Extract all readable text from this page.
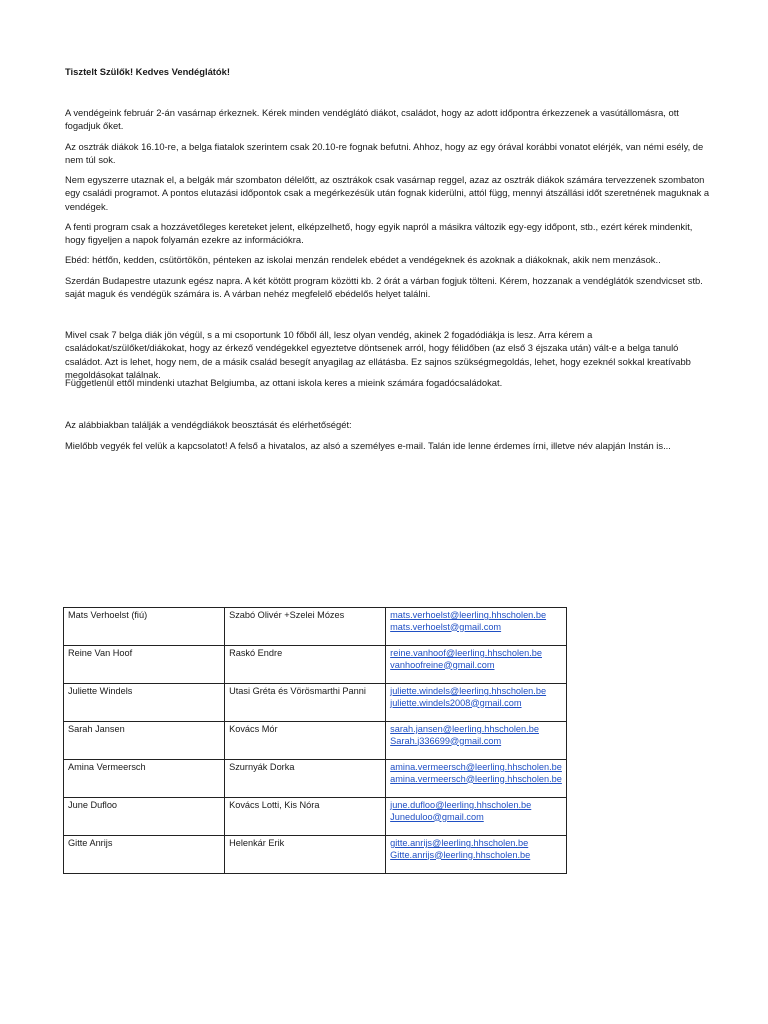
Tisztelt Szülők! Kedves Vendéglátók!

A vendégeink február 2-án vasárnap érkeznek. Kérek minden vendéglátó diákot, családot, hogy az adott időpontra érkezzenek a vasútállomásra, ott fogadjuk őket.

Az osztrák diákok 16.10-re, a belga fiatalok szerintem csak 20.10-re fognak befutni. Ahhoz, hogy az egy órával korábbi vonatot elérjék, van némi esély, de nem túl sok.

Nem egyszerre utaznak el, a belgák már szombaton délelőtt, az osztrákok csak vasárnap reggel, azaz az osztrák diákok számára tervezzenek szombaton egy családi programot. A pontos elutazási időpontok csak a megérkezésük után fognak kiderülni, attól függ, mennyi átszállási időt szeretnének maguknak a vendégek.

A fenti program csak a hozzávetőleges kereteket jelent, elképzelhető, hogy egyik napról a másikra változik egy-egy időpont, stb., ezért kérek mindenkit, hogy figyeljen a napok folyamán ezekre az információkra.

Ebéd: hétfőn, kedden, csütörtökön, pénteken az iskolai menzán rendelek ebédet a vendégeknek és azoknak a diákoknak, akik nem menzások..

Szerdán Budapestre utazunk egész napra. A két kötött program közötti kb. 2 órát a várban fogjuk tölteni. Kérem, hozzanak a vendéglátók szendvicset stb. saját maguk és vendégük számára is. A várban nehéz megfelelő ebédelős helyet találni.

Mivel csak 7 belga diák jön végül, s a mi csoportunk 10 főből áll, lesz olyan vendég, akinek 2 fogadódiákja is lesz. Arra kérem a családokat/szülőket/diákokat, hogy az érkező vendégekkel egyeztetve döntsenek arról, hogy félidőben (az első 3 éjszaka után) vált-e a belga tanuló családot. Azt is lehet, hogy nem, de a másik család besegít anyagilag az ellátásba. Ez sajnos szükségmegoldás, lehet, hogy ezeknél sokkal kreatívabb megoldásokat találnak.

Függetlenül ettől mindenki utazhat Belgiumba, az ottani iskola keres a mieink számára fogadócsaládokat.

Az alábbiakban találják a vendégdiákok beosztását és elérhetőségét:

Mielőbb vegyék fel velük a kapcsolatot! A felső a hivatalos, az alsó a személyes e-mail. Talán ide lenne érdemes írni, illetve név alapján Instán is...

Mats Verhoelst (fiú)	Szabó Olivér +Szelei Mózes	mats.verhoelst@leerling.hhscholen.be
mats.verhoelst@gmail.com

Reine Van Hoof	Raskó Endre	reine.vanhoof@leerling.hhscholen.be
vanhoofreine@gmail.com

Juliette Windels	Utasi Gréta és Vörösmarthi Panni	juliette.windels@leerling.hhscholen.be
juliette.windels2008@gmail.com

Sarah Jansen	Kovács Mór	sarah.jansen@leerling.hhscholen.be
Sarah.j336699@gmail.com

Amina Vermeersch	Szurnyák Dorka	amina.vermeersch@leerling.hhscholen.be
amina.vermeersch@leerling.hhscholen.be

June Dufloo	Kovács Lotti, Kis Nóra	june.dufloo@leerling.hhscholen.be
Juneduloo@gmail.com

Gitte Anrijs	Helenkár Erik	gitte.anrijs@leerling.hhscholen.be
Gitte.anrijs@leerling.hhscholen.be
